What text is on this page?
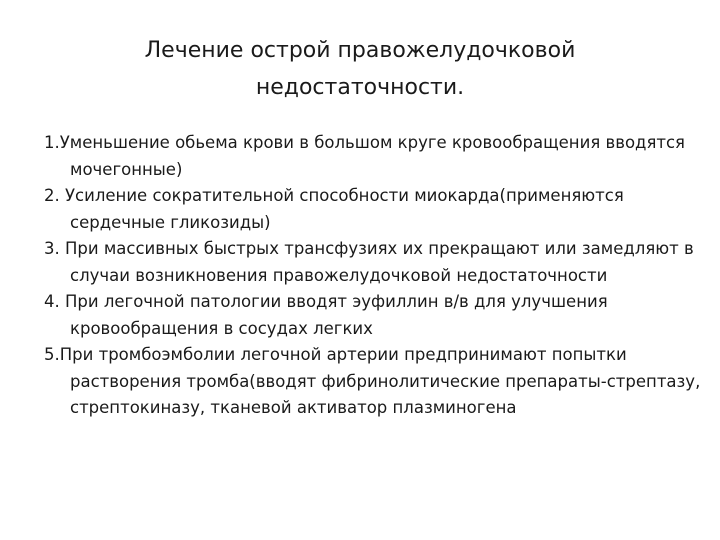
Лечение острой правожелудочковой
недостаточности.

1.Уменьшение обьема крови в большом круге кровообращения вводятся мочегонные)

2. Усиление сократительной способности миокарда(применяются сердечные гликозиды)

3. При массивных быстрых трансфузиях их прекращают или замедляют в случаи возникновения правожелудочковой недостаточности

4. При легочной патологии вводят эуфиллин в/в для улучшения кровообращения в сосудах легких

5.При тромбоэмболии легочной артерии предпринимают попытки растворения тромба(вводят фибринолитические препараты-стрептазу, стрептокиназу, тканевой активатор плазминогена
